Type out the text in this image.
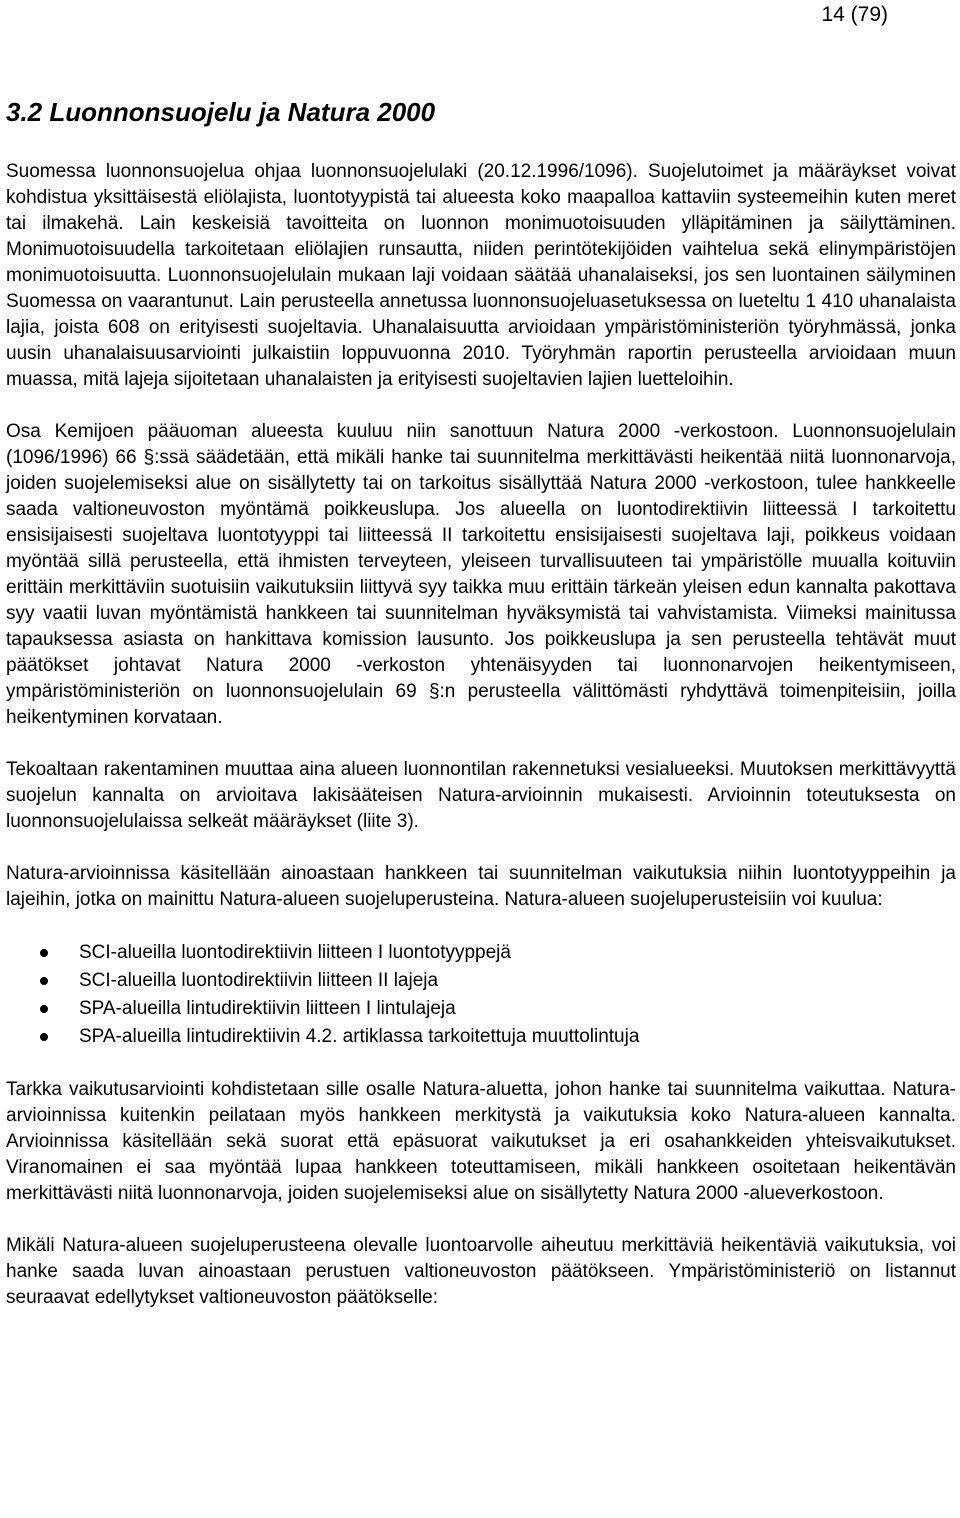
14 (79)
3.2 Luonnonsuojelu ja Natura 2000

Suomessa luonnonsuojelua ohjaa luonnonsuojelulaki (20.12.1996/1096). Suojelutoimet ja määräykset voivat kohdistua yksittäisestä eliölajista, luontotyypistä tai alueesta koko maapalloa kattaviin systeemeihin kuten meret tai ilmakehä. Lain keskeisiä tavoitteita on luonnon monimuotoisuuden ylläpitäminen ja säilyttäminen. Monimuotoisuudella tarkoitetaan eliölajien runsautta, niiden perintötekijöiden vaihtelua sekä elinympäristöjen monimuotoisuutta. Luonnonsuojelulain mukaan laji voidaan säätää uhanalaiseksi, jos sen luontainen säilyminen Suomessa on vaarantunut. Lain perusteella annetussa luonnonsuojeluasetuksessa on lueteltu 1 410 uhanalaista lajia, joista 608 on erityisesti suojeltavia. Uhanalaisuutta arvioidaan ympäristöministeriön työryhmässä, jonka uusin uhanalaisuusarviointi julkaistiin loppuvuonna 2010. Työryhmän raportin perusteella arvioidaan muun muassa, mitä lajeja sijoitetaan uhanalaisten ja erityisesti suojeltavien lajien luetteloihin.

Osa Kemijoen pääuoman alueesta kuuluu niin sanottuun Natura 2000 -verkostoon. Luonnonsuojelulain (1096/1996) 66 §:ssä säädetään, että mikäli hanke tai suunnitelma merkittävästi heikentää niitä luonnonarvoja, joiden suojelemiseksi alue on sisällytetty tai on tarkoitus sisällyttää Natura 2000 -verkostoon, tulee hankkeelle saada valtioneuvoston myöntämä poikkeuslupa. Jos alueella on luontodirektiivin liitteessä I tarkoitettu ensisijaisesti suojeltava luontotyyppi tai liitteessä II tarkoitettu ensisijaisesti suojeltava laji, poikkeus voidaan myöntää sillä perusteella, että ihmisten terveyteen, yleiseen turvallisuuteen tai ympäristölle muualla koituviin erittäin merkittäviin suotuisiin vaikutuksiin liittyvä syy taikka muu erittäin tärkeän yleisen edun kannalta pakottava syy vaatii luvan myöntämistä hankkeen tai suunnitelman hyväksymistä tai vahvistamista. Viimeksi mainitussa tapauksessa asiasta on hankittava komission lausunto. Jos poikkeuslupa ja sen perusteella tehtävät muut päätökset johtavat Natura 2000 -verkoston yhtenäisyyden tai luonnonarvojen heikentymiseen, ympäristöministeriön on luonnonsuojelulain 69 §:n perusteella välittömästi ryhdyttävä toimenpiteisiin, joilla heikentyminen korvataan.

Tekoaltaan rakentaminen muuttaa aina alueen luonnontilan rakennetuksi vesialueeksi. Muutoksen merkittävyyttä suojelun kannalta on arvioitava lakisääteisen Natura-arvioinnin mukaisesti. Arvioinnin toteutuksesta on luonnonsuojelulaissa selkeät määräykset (liite 3).

Natura-arvioinnissa käsitellään ainoastaan hankkeen tai suunnitelman vaikutuksia niihin luontotyyppeihin ja lajeihin, jotka on mainittu Natura-alueen suojeluperusteina. Natura-alueen suojeluperusteisiin voi kuulua:

SCI-alueilla luontodirektiivin liitteen I luontotyyppejä
SCI-alueilla luontodirektiivin liitteen II lajeja
SPA-alueilla lintudirektiivin liitteen I lintulajeja
SPA-alueilla lintudirektiivin 4.2. artiklassa tarkoitettuja muuttolintuja

Tarkka vaikutusarviointi kohdistetaan sille osalle Natura-aluetta, johon hanke tai suunnitelma vaikuttaa. Natura-arvioinnissa kuitenkin peilataan myös hankkeen merkitystä ja vaikutuksia koko Natura-alueen kannalta. Arvioinnissa käsitellään sekä suorat että epäsuorat vaikutukset ja eri osahankkeiden yhteisvaikutukset. Viranomainen ei saa myöntää lupaa hankkeen toteuttamiseen, mikäli hankkeen osoitetaan heikentävän merkittävästi niitä luonnonarvoja, joiden suojelemiseksi alue on sisällytetty Natura 2000 -alueverkostoon.

Mikäli Natura-alueen suojeluperusteena olevalle luontoarvolle aiheutuu merkittäviä heikentäviä vaikutuksia, voi hanke saada luvan ainoastaan perustuen valtioneuvoston päätökseen. Ympäristöministeriö on listannut seuraavat edellytykset valtioneuvoston päätökselle:
